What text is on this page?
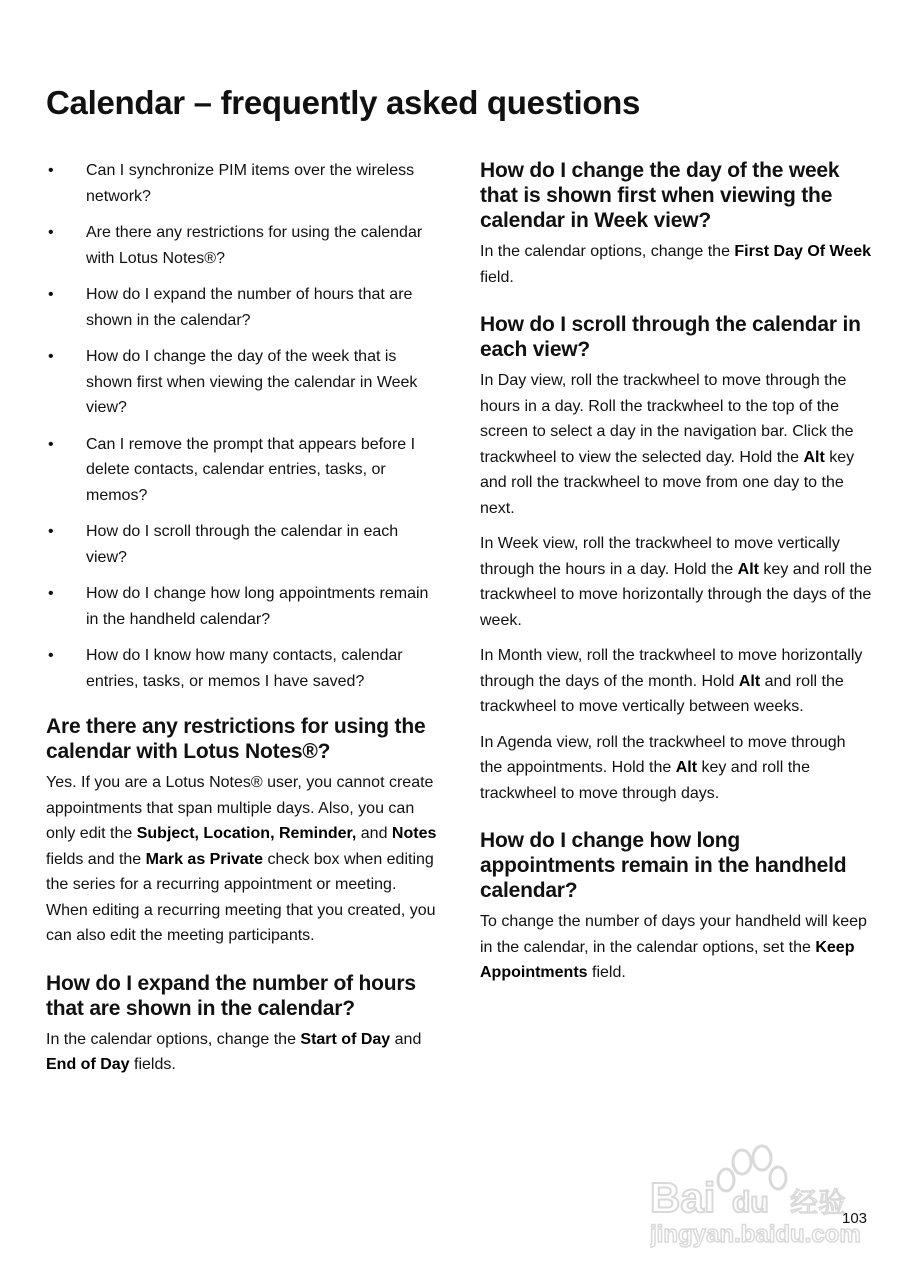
Calendar – frequently asked questions
• Can I synchronize PIM items over the wireless network?
• Are there any restrictions for using the calendar with Lotus Notes®?
• How do I expand the number of hours that are shown in the calendar?
• How do I change the day of the week that is shown first when viewing the calendar in Week view?
• Can I remove the prompt that appears before I delete contacts, calendar entries, tasks, or memos?
• How do I scroll through the calendar in each view?
• How do I change how long appointments remain in the handheld calendar?
• How do I know how many contacts, calendar entries, tasks, or memos I have saved?
Are there any restrictions for using the calendar with Lotus Notes®?

Yes. If you are a Lotus Notes® user, you cannot create appointments that span multiple days. Also, you can only edit the Subject, Location, Reminder, and Notes fields and the Mark as Private check box when editing the series for a recurring appointment or meeting. When editing a recurring meeting that you created, you can also edit the meeting participants.

How do I expand the number of hours that are shown in the calendar?

In the calendar options, change the Start of Day and End of Day fields.

How do I change the day of the week that is shown first when viewing the calendar in Week view?

In the calendar options, change the First Day Of Week field.

How do I scroll through the calendar in each view?

In Day view, roll the trackwheel to move through the hours in a day. Roll the trackwheel to the top of the screen to select a day in the navigation bar. Click the trackwheel to view the selected day. Hold the Alt key and roll the trackwheel to move from one day to the next.

In Week view, roll the trackwheel to move vertically through the hours in a day. Hold the Alt key and roll the trackwheel to move horizontally through the days of the week.

In Month view, roll the trackwheel to move horizontally through the days of the month. Hold Alt and roll the trackwheel to move vertically between weeks.

In Agenda view, roll the trackwheel to move through the appointments. Hold the Alt key and roll the trackwheel to move through days.

How do I change how long appointments remain in the handheld calendar?

To change the number of days your handheld will keep in the calendar, in the calendar options, set the Keep Appointments field.

Bai du 经验
jingyan.baidu.com
103
